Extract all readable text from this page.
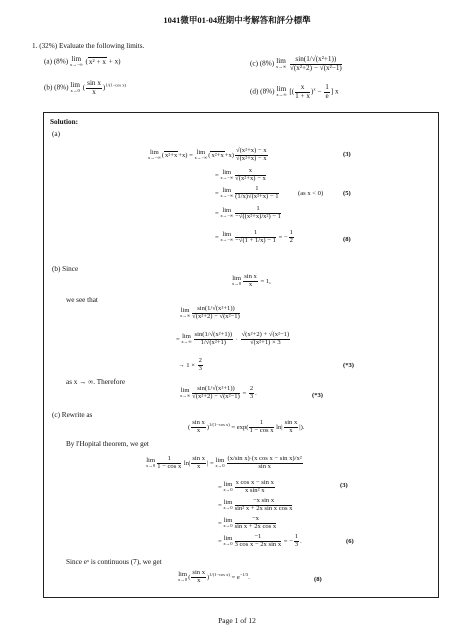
1041微甲01-04班期中考解答和評分標準
1. (32%) Evaluate the following limits.
(a) (8%) lim
x→−∞ (x² + x + x)
(b) (8%) lim
x→0 ( $\frac{\text{sin x}}{x} )^{1/(1-cos x)}$
(c) (8%) lim
x→∞
$\frac{\text{sin(1/√(x²+1))}}{\text{√(x²+2) − √(x²−1)}}$
(d) (8%) lim
x→∞ [( $\frac{x}{1 + x} )^x - \frac{1}{e}$ ] x
Solution:
(a)
lim
x→−∞ (x²+x+x) = lim
x→−∞ $(x^2+x+x) \frac{\text{√(x²+x) − x}}{\text{√(x²+x) − x}}$	(3)
= lim
$x\to-\infty \frac{x}{\text{√(x²+x) − x}}$
= lim
$x\to-\infty \frac{1}{\text{(1/x)√(x²+x) − 1}}$	(as x < 0)	(5)
= lim
$x\to-\infty \frac{1}{\text{−√((x²+x)/x²) − 1}}$
= lim
$x\to-\infty \frac{1}{-√(1 + 1/x) - 1}$ = − $\frac{1}{2}$	(8)
(b) Since
lim
$x\to 0 \frac{\text{sin x}}{x} = 1$,
we see that
lim
$x\to\infty \frac{\text{sin(1/√(x²+1))}}{\text{√(x²+2) − √(x²−1)}}$
= lim
$x\to\infty \frac{\text{sin(1/√(x²+1))}}{\text{1/√(x²+1)}} \cdot \frac{\text{√(x²+2) + √(x²−1)}}{\text{√(x²+1) × 3}}$
→ $1 \times \frac{2}{3}$	(*3)
as x → ∞. Therefore
lim
$x\to\infty \frac{\text{sin(1/√(x²+1))}}{\text{√(x²+2) − √(x²−1)}} = \frac{2}{3}$ .	(*3)
(c) Rewrite as
( $\frac{\text{sin x}}{x} )^{1/(1-cos x)} = \exp( \frac{1}{\text{1 − cos x}} \ln| \frac{\text{sin x}}{x}$ |).
By l'Hopital theorem, we get
lim
$x\to 0 \frac{1}{\text{1 − cos x}} \ln| \frac{\text{sin x}}{x}$ | = lim
$x\to 0 \frac{\text{(x/sin x)·(x cos x − sin x)/x²}}{\text{sin x}}$
= lim
$x\to 0 \frac{\text{x cos x − sin x}}{\text{x sin² x}}$	(3)
= lim
$x\to 0 \frac{\text{−x sin x}}{\text{sin² x + 2x sin x cos x}}$
= lim
$x\to 0 \frac{-x}{\text{sin x + 2x cos x}}$
= lim
$x\to 0 \frac{-1}{\text{3 cos x − 2x sin x}}$ = − $\frac{1}{3}$ .	(6)
Since eˣ is continuous (7), we get
lim
x→0 ( $\frac{\text{sin x}}{x} )^{1/(1-cos x)} = e^{-1/3}$.	(8)
Page 1 of 12
